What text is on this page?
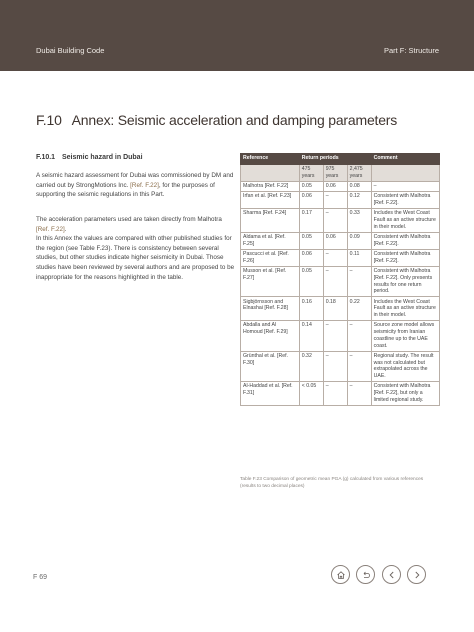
Dubai Building Code	Part F: Structure
F.10 Annex: Seismic acceleration and damping parameters
F.10.1 Seismic hazard in Dubai
A seismic hazard assessment for Dubai was commissioned by DM and carried out by StrongMotions Inc. [Ref. F.22], for the purposes of supporting the seismic regulations in this Part.
The acceleration parameters used are taken directly from Malhotra [Ref. F.22].
In this Annex the values are compared with other published studies for the region (see Table F.23). There is consistency between several studies, but other studies indicate higher seismicity in Dubai. Those studies have been reviewed by several authors and are proposed to be inappropriate for the reasons highlighted in the table.
Reference	Return periods			Comment
	475 years	975 years	2,475 years	
Malhotra [Ref. F.22]	0.05	0.06	0.08	–
Irfan et al. [Ref. F.23]	0.06	–	0.12	Consistent with Malhotra [Ref. F.22].
Sharma [Ref. F.24]	0.17	–	0.33	Includes the West Coast Fault as an active structure in their model.
Aldama et al. [Ref. F.25]	0.05	0.06	0.09	Consistent with Malhotra [Ref. F.22].
Pascucci et al. [Ref. F.26]	0.06	–	0.11	Consistent with Malhotra [Ref. F.22].
Musson et al. [Ref. F.27]	0.05	–	–	Consistent with Malhotra [Ref. F.22]. Only presents results for one return period.
Sigbjörnsson and Elnashai [Ref. F.28]	0.16	0.18	0.22	Includes the West Coast Fault as an active structure in their model.
Abdalla and Al Homoud [Ref. F.29]	0.14	–	–	Source zone model allows seismicity from Iranian coastline up to the UAE coast.
Grünthal et al. [Ref. F.30]	0.32	–	–	Regional study. The result was not calculated but extrapolated across the UAE.
Al-Haddad et al. [Ref. F.31]	< 0.05	–	–	Consistent with Malhotra [Ref. F.22], but only a limited regional study.
Table F.23 Comparison of geometric mean PGA (g) calculated from various references (results to two decimal places)
F 69
